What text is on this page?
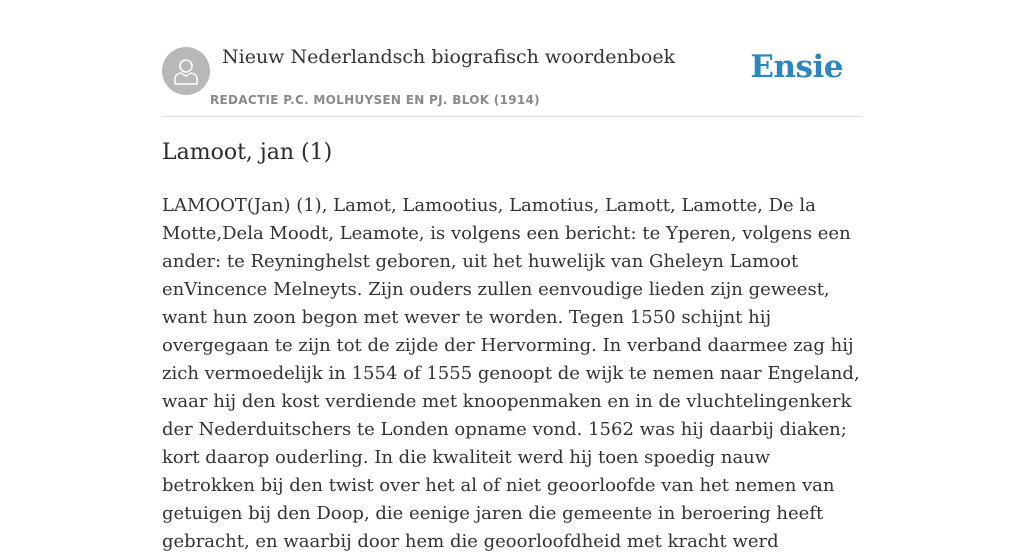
Nieuw Nederlandsch biografisch woordenboek
REDACTIE P.C. MOLHUYSEN EN PJ. BLOK (1914)
Ensie
Lamoot, jan (1)

LAMOOT(Jan) (1), Lamot, Lamootius, Lamotius, Lamott, Lamotte, De la Motte,Dela Moodt, Leamote, is volgens een bericht: te Yperen, volgens een ander: te Reyninghelst geboren, uit het huwelijk van Gheleyn Lamoot enVincence Melneyts. Zijn ouders zullen eenvoudige lieden zijn geweest, want hun zoon begon met wever te worden. Tegen 1550 schijnt hij overgegaan te zijn tot de zijde der Hervorming. In verband daarmee zag hij zich vermoedelijk in 1554 of 1555 genoopt de wijk te nemen naar Engeland, waar hij den kost verdiende met knoopenmaken en in de vluchtelingenkerk der Nederduitschers te Londen opname vond. 1562 was hij daarbij diaken; kort daarop ouderling. In die kwaliteit werd hij toen spoedig nauw betrokken bij den twist over het al of niet geoorloofde van het nemen van getuigen bij den Doop, die eenige jaren die gemeente in beroering heeft gebracht, en waarbij door hem die geoorloofdheid met kracht werd
